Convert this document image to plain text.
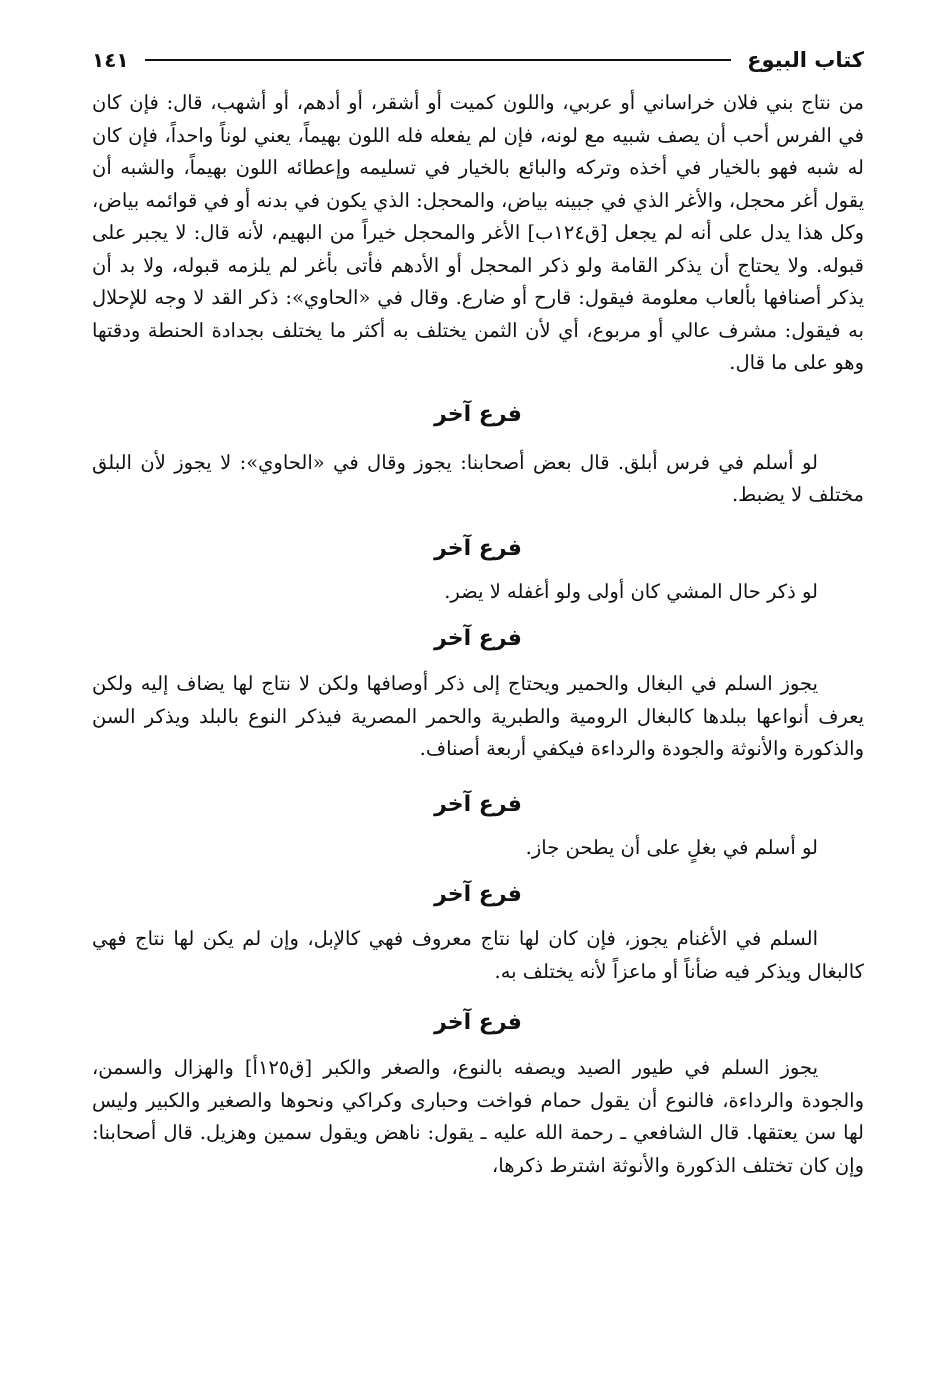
كتاب البيوع
١٤١

من نتاج بني فلان خراساني أو عربي، واللون كميت أو أشقر، أو أدهم، أو أشهب، قال: فإن كان في الفرس أحب أن يصف شبيه مع لونه، فإن لم يفعله فله اللون بهيماً، يعني لوناً واحداً، فإن كان له شبه فهو بالخيار في أخذه وتركه والبائع بالخيار في تسليمه وإعطائه اللون بهيماً، والشبه أن يقول أغر محجل، والأغر الذي في جبينه بياض، والمحجل: الذي يكون في بدنه أو في قوائمه بياض، وكل هذا يدل على أنه لم يجعل [ق١٢٤ب] الأغر والمحجل خيراً من البهيم، لأنه قال: لا يجبر على قبوله. ولا يحتاج أن يذكر القامة ولو ذكر المحجل أو الأدهم فأتى بأغر لم يلزمه قبوله، ولا بد أن يذكر أصنافها بألعاب معلومة فيقول: قارح أو ضارع. وقال في «الحاوي»: ذكر القد لا وجه للإحلال به فيقول: مشرف عالي أو مربوع، أي لأن الثمن يختلف به أكثر ما يختلف بجدادة الحنطة ودقتها وهو على ما قال.

فرع آخر

لو أسلم في فرس أبلق. قال بعض أصحابنا: يجوز وقال في «الحاوي»: لا يجوز لأن البلق مختلف لا يضبط.

فرع آخر

لو ذكر حال المشي كان أولى ولو أغفله لا يضر.

فرع آخر

يجوز السلم في البغال والحمير ويحتاج إلى ذكر أوصافها ولكن لا نتاج لها يضاف إليه ولكن يعرف أنواعها ببلدها كالبغال الرومية والطبرية والحمر المصرية فيذكر النوع بالبلد ويذكر السن والذكورة والأنوثة والجودة والرداءة فيكفي أربعة أصناف.

فرع آخر

لو أسلم في بغلٍ على أن يطحن جاز.

فرع آخر

السلم في الأغنام يجوز، فإن كان لها نتاج معروف فهي كالإبل، وإن لم يكن لها نتاج فهي كالبغال ويذكر فيه ضأناً أو ماعزاً لأنه يختلف به.

فرع آخر

يجوز السلم في طيور الصيد ويصفه بالنوع، والصغر والكبر [ق١٢٥أ] والهزال والسمن، والجودة والرداءة، فالنوع أن يقول حمام فواخت وحبارى وكراكي ونحوها والصغير والكبير وليس لها سن يعتقها. قال الشافعي ـ رحمة الله عليه ـ يقول: ناهض ويقول سمين وهزيل. قال أصحابنا: وإن كان تختلف الذكورة والأنوثة اشترط ذكرها،
